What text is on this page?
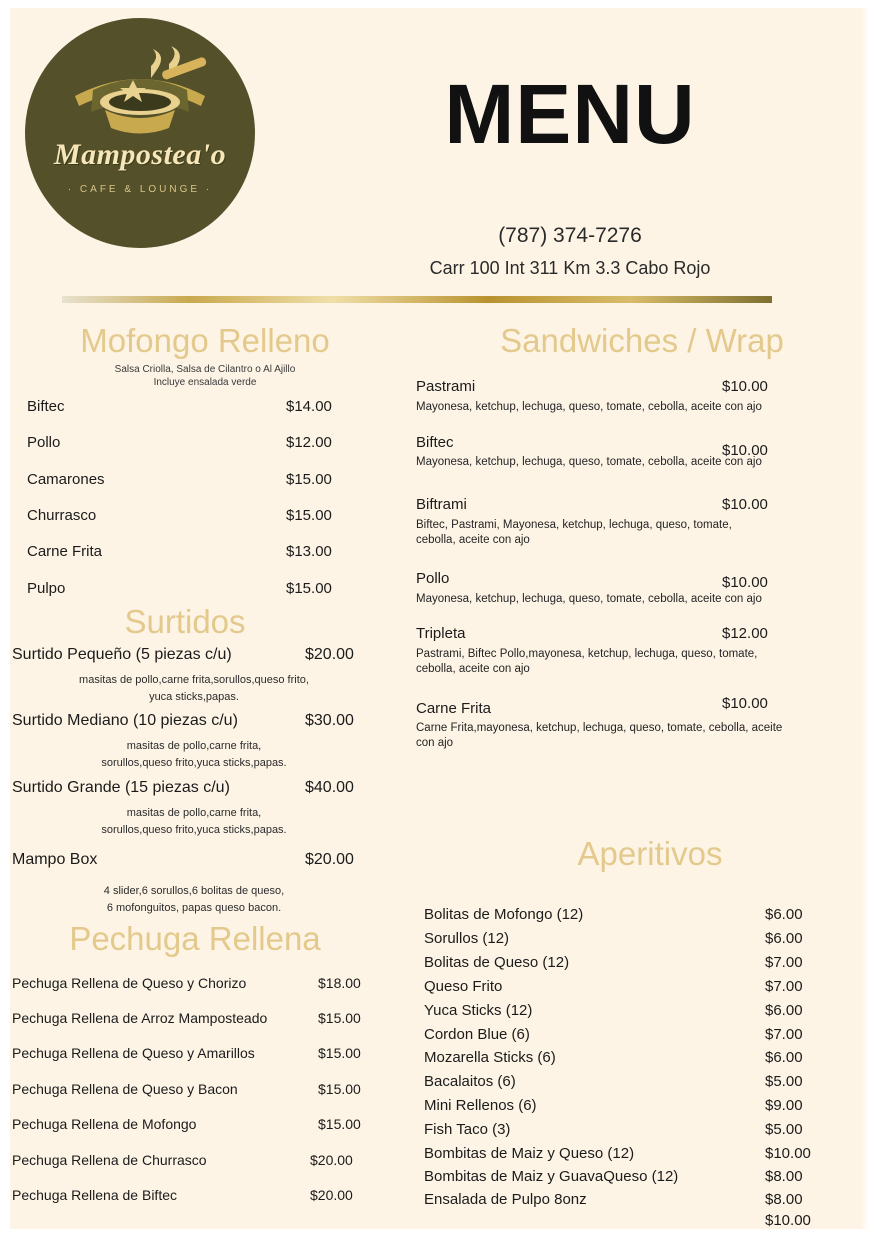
Mamposteа'o
· CAFE & LOUNGE ·
MENU
(787) 374-7276
Carr 100 Int 311 Km 3.3 Cabo Rojo
Mofongo Relleno
Salsa Criolla, Salsa de Cilantro o Al Ajillo
Incluye ensalada verde
Biftec	$14.00
Pollo	$12.00
Camarones	$15.00
Churrasco	$15.00
Carne Frita	$13.00
Pulpo	$15.00
Surtidos
Surtido Pequeño (5 piezas c/u)	$20.00
masitas de pollo,carne frita,sorullos,queso frito,
yuca sticks,papas.
Surtido Mediano (10 piezas c/u)	$30.00
masitas de pollo,carne frita,
sorullos,queso frito,yuca sticks,papas.
Surtido Grande (15 piezas c/u)	$40.00
masitas de pollo,carne frita,
sorullos,queso frito,yuca sticks,papas.
Mampo Box	$20.00
4 slider,6 sorullos,6 bolitas de queso,
6 mofonguitos, papas queso bacon.
Pechuga Rellena
Pechuga Rellena de Queso y Chorizo	$18.00
Pechuga Rellena de Arroz Mamposteado	$15.00
Pechuga Rellena de Queso y Amarillos	$15.00
Pechuga Rellena de Queso y Bacon	$15.00
Pechuga Rellena de Mofongo	$15.00
Pechuga Rellena de Churrasco	$20.00
Pechuga Rellena de Biftec	$20.00
Sandwiches / Wrap
Pastrami	$10.00
Mayonesa, ketchup, lechuga, queso, tomate, cebolla, aceite con ajo
Biftec	$10.00
Mayonesa, ketchup, lechuga, queso, tomate, cebolla, aceite con ajo
Biftrami	$10.00
Biftec, Pastrami, Mayonesa, ketchup, lechuga, queso, tomate,
cebolla, aceite con ajo
Pollo	$10.00
Mayonesa, ketchup, lechuga, queso, tomate, cebolla, aceite con ajo
Tripleta	$12.00
Pastrami, Biftec Pollo,mayonesa, ketchup, lechuga, queso, tomate,
cebolla, aceite con ajo
Carne Frita	$10.00
Carne Frita,mayonesa, ketchup, lechuga, queso, tomate, cebolla, aceite
con ajo
Aperitivos
Bolitas de Mofongo (12)	$6.00
Sorullos (12)	$6.00
Bolitas de Queso (12)	$7.00
Queso Frito	$7.00
Yuca Sticks (12)	$6.00
Cordon Blue (6)	$7.00
Mozarella Sticks (6)	$6.00
Bacalaitos (6)	$5.00
Mini Rellenos (6)	$9.00
Fish Taco (3)	$5.00
Bombitas de Maiz y Queso (12)	$10.00
Bombitas de Maiz y GuavaQueso (12)	$8.00
Ensalada de Pulpo 8onz	$8.00
$10.00
